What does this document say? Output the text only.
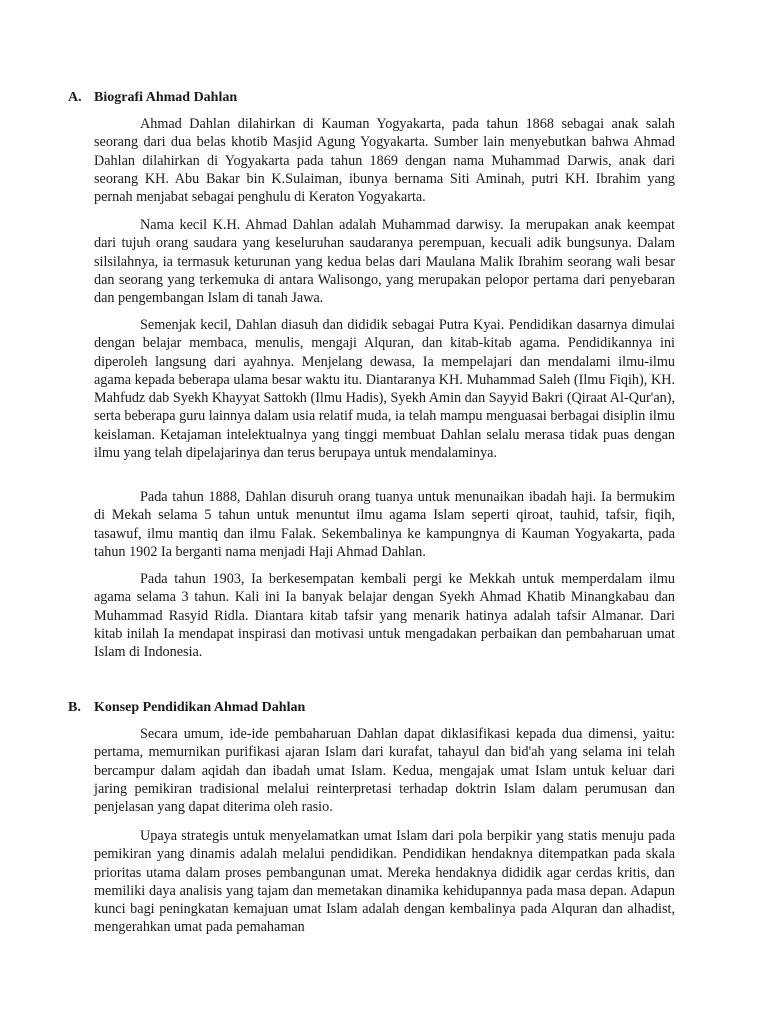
A. Biografi Ahmad Dahlan

Ahmad Dahlan dilahirkan di Kauman Yogyakarta, pada tahun 1868 sebagai anak salah seorang dari dua belas khotib Masjid Agung Yogyakarta. Sumber lain menyebutkan bahwa Ahmad Dahlan dilahirkan di Yogyakarta pada tahun 1869 dengan nama Muhammad Darwis, anak dari seorang KH. Abu Bakar bin K.Sulaiman, ibunya bernama Siti Aminah, putri KH. Ibrahim yang pernah menjabat sebagai penghulu di Keraton Yogyakarta.

Nama kecil K.H. Ahmad Dahlan adalah Muhammad darwisy. Ia merupakan anak keempat dari tujuh orang saudara yang keseluruhan saudaranya perempuan, kecuali adik bungsunya. Dalam silsilahnya, ia termasuk keturunan yang kedua belas dari Maulana Malik Ibrahim seorang wali besar dan seorang yang terkemuka di antara Walisongo, yang merupakan pelopor pertama dari penyebaran dan pengembangan Islam di tanah Jawa.

Semenjak kecil, Dahlan diasuh dan dididik sebagai Putra Kyai. Pendidikan dasarnya dimulai dengan belajar membaca, menulis, mengaji Alquran, dan kitab-kitab agama. Pendidikannya ini diperoleh langsung dari ayahnya. Menjelang dewasa, Ia mempelajari dan mendalami ilmu-ilmu agama kepada beberapa ulama besar waktu itu. Diantaranya KH. Muhammad Saleh (Ilmu Fiqih), KH. Mahfudz dab Syekh Khayyat Sattokh (Ilmu Hadis), Syekh Amin dan Sayyid Bakri (Qiraat Al-Qur'an), serta beberapa guru lainnya dalam usia relatif muda, ia telah mampu menguasai berbagai disiplin ilmu keislaman. Ketajaman intelektualnya yang tinggi membuat Dahlan selalu merasa tidak puas dengan ilmu yang telah dipelajarinya dan terus berupaya untuk mendalaminya.

Pada tahun 1888, Dahlan disuruh orang tuanya untuk menunaikan ibadah haji. Ia bermukim di Mekah selama 5 tahun untuk menuntut ilmu agama Islam seperti qiroat, tauhid, tafsir, fiqih, tasawuf, ilmu mantiq dan ilmu Falak. Sekembalinya ke kampungnya di Kauman Yogyakarta, pada tahun 1902 Ia berganti nama menjadi Haji Ahmad Dahlan.

Pada tahun 1903, Ia berkesempatan kembali pergi ke Mekkah untuk memperdalam ilmu agama selama 3 tahun. Kali ini Ia banyak belajar dengan Syekh Ahmad Khatib Minangkabau dan Muhammad Rasyid Ridla. Diantara kitab tafsir yang menarik hatinya adalah tafsir Almanar. Dari kitab inilah Ia mendapat inspirasi dan motivasi untuk mengadakan perbaikan dan pembaharuan umat Islam di Indonesia.

B. Konsep Pendidikan Ahmad Dahlan

Secara umum, ide-ide pembaharuan Dahlan dapat diklasifikasi kepada dua dimensi, yaitu: pertama, memurnikan purifikasi ajaran Islam dari kurafat, tahayul dan bid'ah yang selama ini telah bercampur dalam aqidah dan ibadah umat Islam. Kedua, mengajak umat Islam untuk keluar dari jaring pemikiran tradisional melalui reinterpretasi terhadap doktrin Islam dalam perumusan dan penjelasan yang dapat diterima oleh rasio.

Upaya strategis untuk menyelamatkan umat Islam dari pola berpikir yang statis menuju pada pemikiran yang dinamis adalah melalui pendidikan. Pendidikan hendaknya ditempatkan pada skala prioritas utama dalam proses pembangunan umat. Mereka hendaknya dididik agar cerdas kritis, dan memiliki daya analisis yang tajam dan memetakan dinamika kehidupannya pada masa depan. Adapun kunci bagi peningkatan kemajuan umat Islam adalah dengan kembalinya pada Alquran dan alhadist, mengerahkan umat pada pemahaman
